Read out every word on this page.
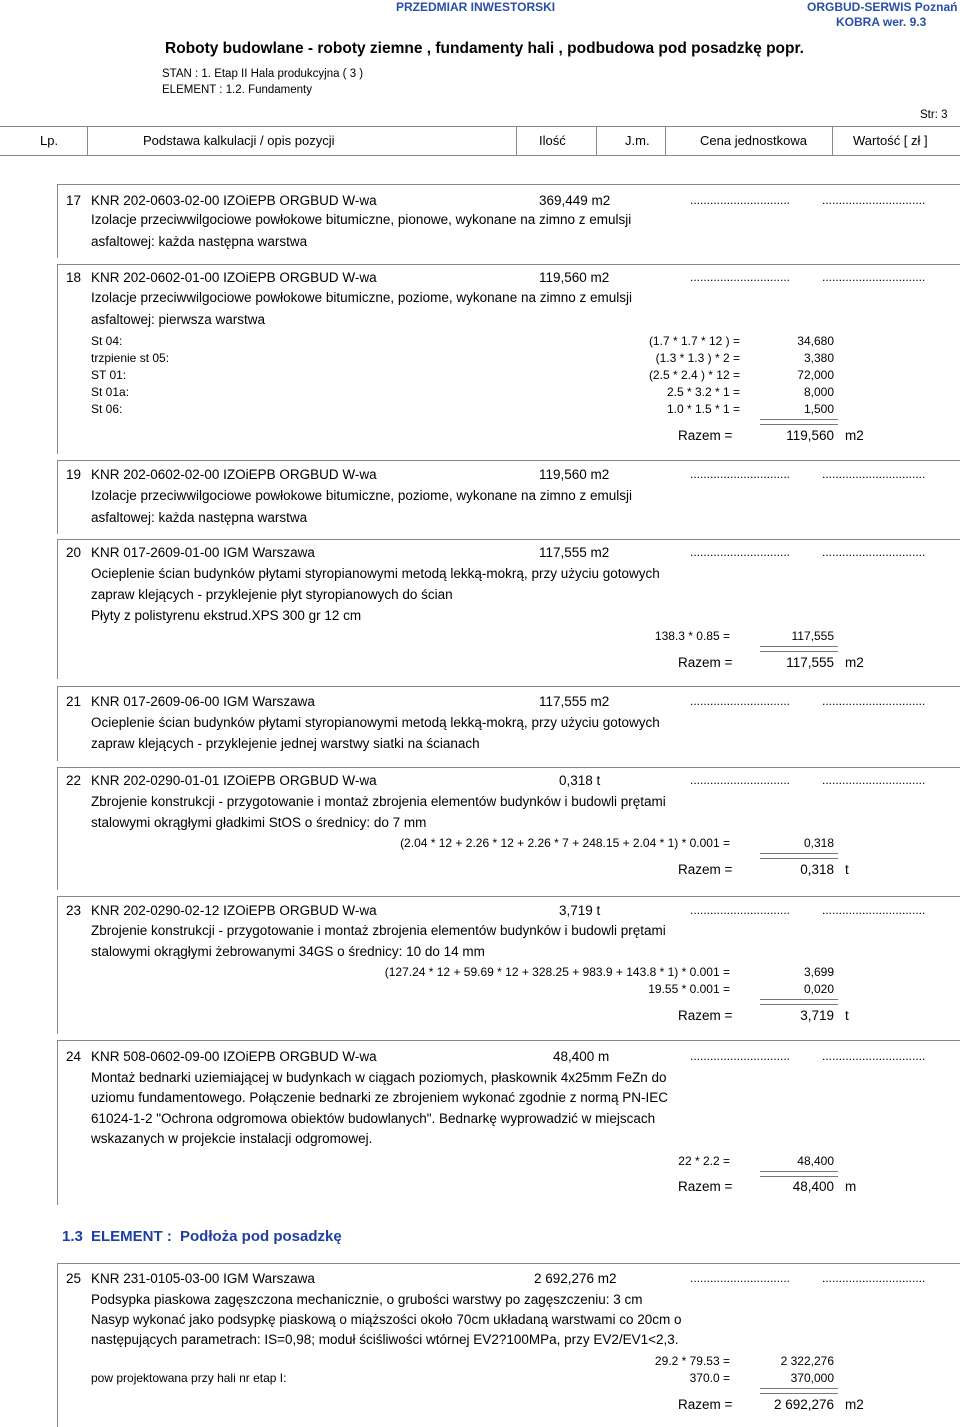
PRZEDMIAR INWESTORSKI	ORGBUD-SERWIS Poznań
KOBRA wer. 9.3
Roboty budowlane - roboty ziemne , fundamenty hali , podbudowa pod posadzkę popr.
STAN : 1. Etap II Hala produkcyjna ( 3 )
ELEMENT : 1.2. Fundamenty
Str: 3
Lp.	Podstawa kalkulacji / opis pozycji	Ilość	J.m.	Cena jednostkowa	Wartość [ zł ]
17 KNR 202-0603-02-00 IZOiEPB ORGBUD W-wa	369,449 m2	..............................	...............................
Izolacje przeciwwilgociowe powłokowe bitumiczne, pionowe, wykonane na zimno z emulsji
asfaltowej: każda następna warstwa
18 KNR 202-0602-01-00 IZOiEPB ORGBUD W-wa	119,560 m2	..............................	...............................
Izolacje przeciwwilgociowe powłokowe bitumiczne, poziome, wykonane na zimno z emulsji
asfaltowej: pierwsza warstwa
St 04:	(1.7 * 1.7 * 12 ) =	34,680
trzpienie st 05:	(1.3 * 1.3 ) * 2 =	3,380
ST 01:	(2.5 * 2.4 ) * 12 =	72,000
St 01a:	2.5 * 3.2 * 1 =	8,000
St 06:	1.0 * 1.5 * 1 =	1,500
Razem =	119,560 m2
19 KNR 202-0602-02-00 IZOiEPB ORGBUD W-wa	119,560 m2	..............................	...............................
Izolacje przeciwwilgociowe powłokowe bitumiczne, poziome, wykonane na zimno z emulsji
asfaltowej: każda następna warstwa
20 KNR 017-2609-01-00 IGM Warszawa	117,555 m2	..............................	...............................
Ocieplenie ścian budynków płytami styropianowymi metodą lekką-mokrą, przy użyciu gotowych
zapraw klejących - przyklejenie płyt styropianowych do ścian
Płyty z polistyrenu ekstrud.XPS 300 gr 12 cm
138.3 * 0.85 =	117,555
Razem =	117,555 m2
21 KNR 017-2609-06-00 IGM Warszawa	117,555 m2	..............................	...............................
Ocieplenie ścian budynków płytami styropianowymi metodą lekką-mokrą, przy użyciu gotowych
zapraw klejących - przyklejenie jednej warstwy siatki na ścianach
22 KNR 202-0290-01-01 IZOiEPB ORGBUD W-wa	0,318 t	..............................	...............................
Zbrojenie konstrukcji - przygotowanie i montaż zbrojenia elementów budynków i budowli prętami
stalowymi okrągłymi gładkimi StOS o średnicy: do 7 mm
(2.04 * 12 + 2.26 * 12 + 2.26 * 7 + 248.15 + 2.04 * 1) * 0.001 =	0,318
Razem =	0,318 t
23 KNR 202-0290-02-12 IZOiEPB ORGBUD W-wa	3,719 t	..............................	...............................
Zbrojenie konstrukcji - przygotowanie i montaż zbrojenia elementów budynków i budowli prętami
stalowymi okrągłymi żebrowanymi 34GS o średnicy: 10 do 14 mm
(127.24 * 12 + 59.69 * 12 + 328.25 + 983.9 + 143.8 * 1) * 0.001 =	3,699
19.55 * 0.001 =	0,020
Razem =	3,719 t
24 KNR 508-0602-09-00 IZOiEPB ORGBUD W-wa	48,400 m	..............................	...............................
Montaż bednarki uziemiającej w budynkach w ciągach poziomych, płaskownik 4x25mm FeZn do
uziomu fundamentowego. Połączenie bednarki ze zbrojeniem wykonać zgodnie z normą PN-IEC
61024-1-2 "Ochrona odgromowa obiektów budowlanych". Bednarkę wyprowadzić w miejscach
wskazanych w projekcie instalacji odgromowej.
22 * 2.2 =	48,400
Razem =	48,400 m
1.3 ELEMENT : Podłoża pod posadzkę
25 KNR 231-0105-03-00 IGM Warszawa	2 692,276 m2	..............................	...............................
Podsypka piaskowa zagęszczona mechanicznie, o grubości warstwy po zagęszczeniu: 3 cm
Nasyp wykonać jako podsypkę piaskową o miąższości około 70cm układaną warstwami co 20cm o
następujących parametrach: IS=0,98; moduł ściśliwości wtórnej EV2?100MPa, przy EV2/EV1<2,3.
29.2 * 79.53 =	2 322,276
pow projektowana przy hali nr etap I:	370.0 =	370,000
Razem =	2 692,276 m2
